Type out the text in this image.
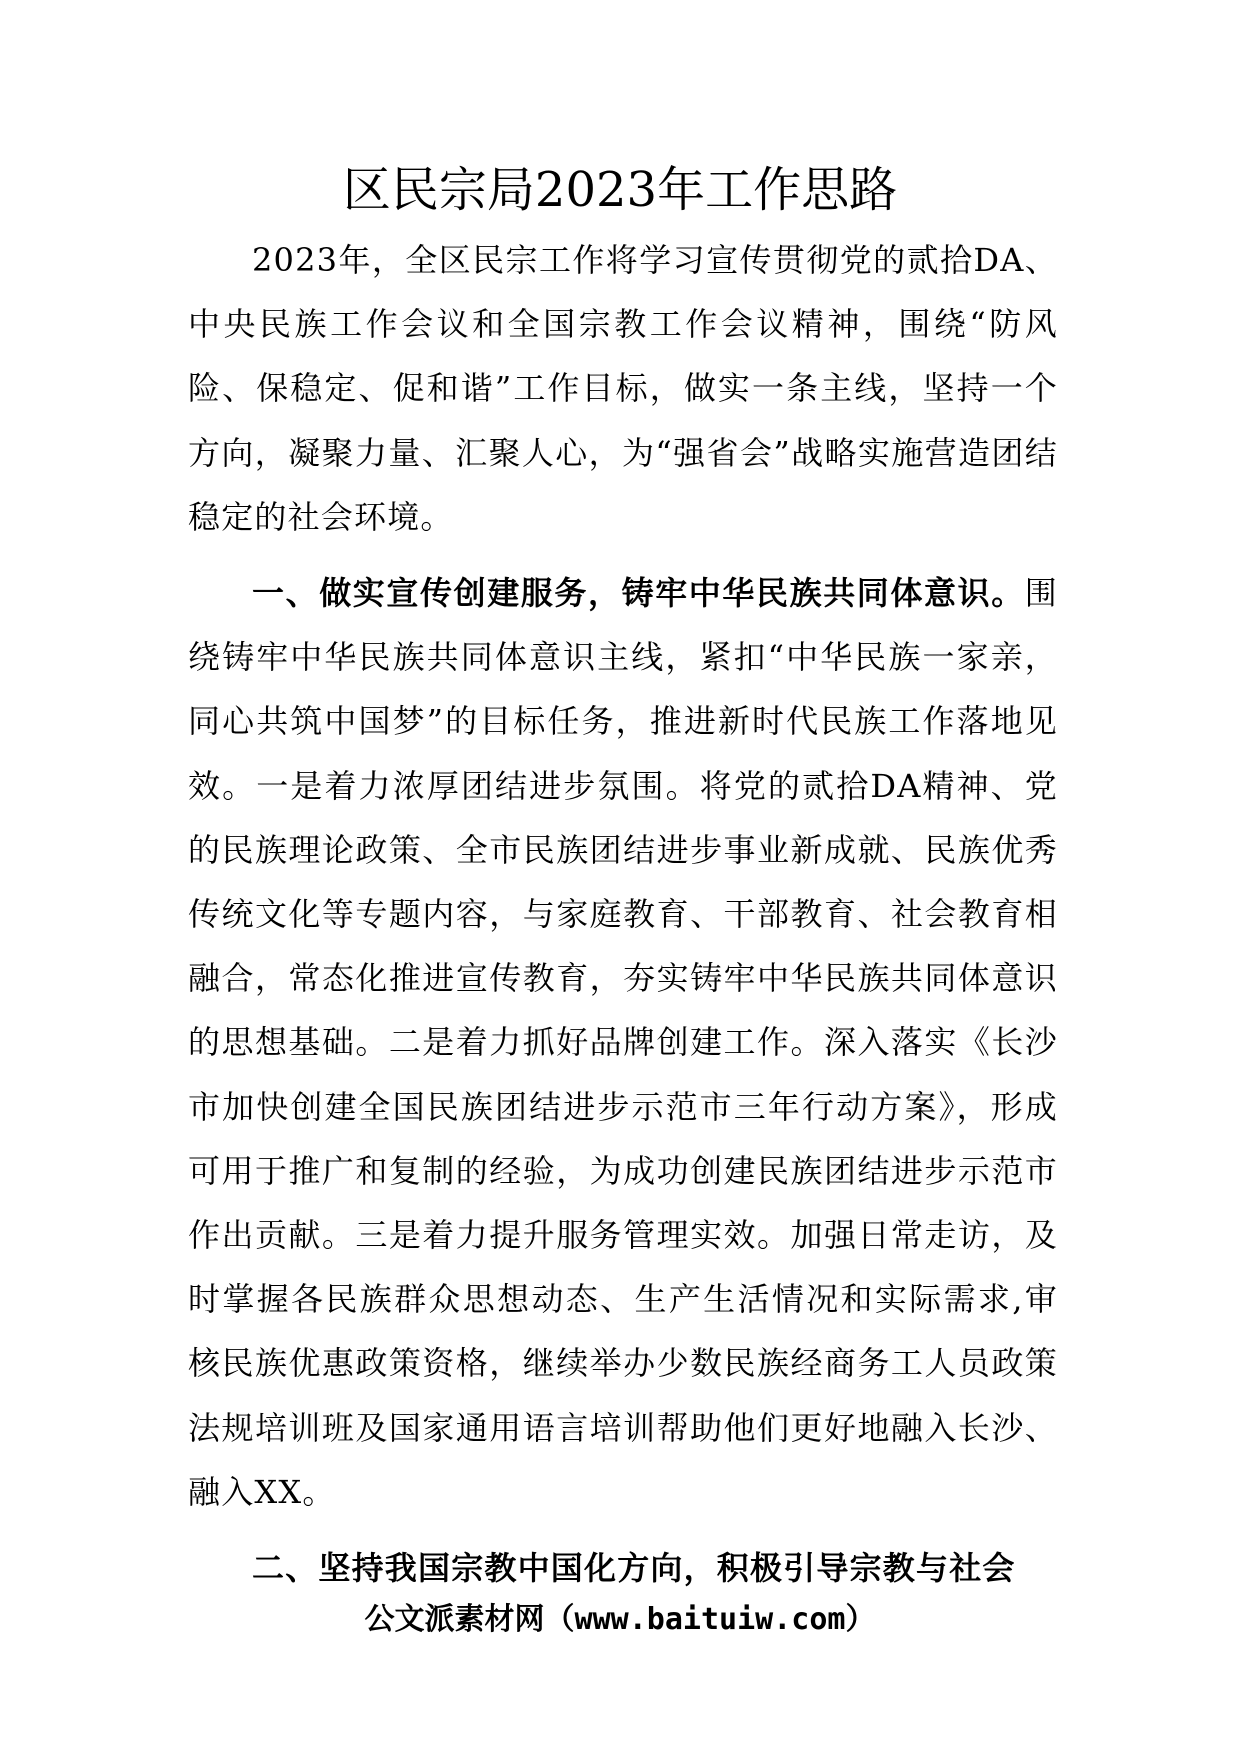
区民宗局2023年工作思路

2023年，全区民宗工作将学习宣传贯彻党的贰拾DA、中央民族工作会议和全国宗教工作会议精神，围绕“防风险、保稳定、促和谐”工作目标，做实一条主线，坚持一个方向，凝聚力量、汇聚人心，为“强省会”战略实施营造团结稳定的社会环境。

一、做实宣传创建服务，铸牢中华民族共同体意识。围绕铸牢中华民族共同体意识主线，紧扣“中华民族一家亲，同心共筑中国梦”的目标任务，推进新时代民族工作落地见效。一是着力浓厚团结进步氛围。将党的贰拾DA精神、党的民族理论政策、全市民族团结进步事业新成就、民族优秀传统文化等专题内容，与家庭教育、干部教育、社会教育相融合，常态化推进宣传教育，夯实铸牢中华民族共同体意识的思想基础。二是着力抓好品牌创建工作。深入落实《长沙市加快创建全国民族团结进步示范市三年行动方案》，形成可用于推广和复制的经验，为成功创建民族团结进步示范市作出贡献。三是着力提升服务管理实效。加强日常走访，及时掌握各民族群众思想动态、生产生活情况和实际需求,审核民族优惠政策资格，继续举办少数民族经商务工人员政策法规培训班及国家通用语言培训帮助他们更好地融入长沙、融入XX。

二、坚持我国宗教中国化方向，积极引导宗教与社会

公文派素材网（www.baituiw.com）
